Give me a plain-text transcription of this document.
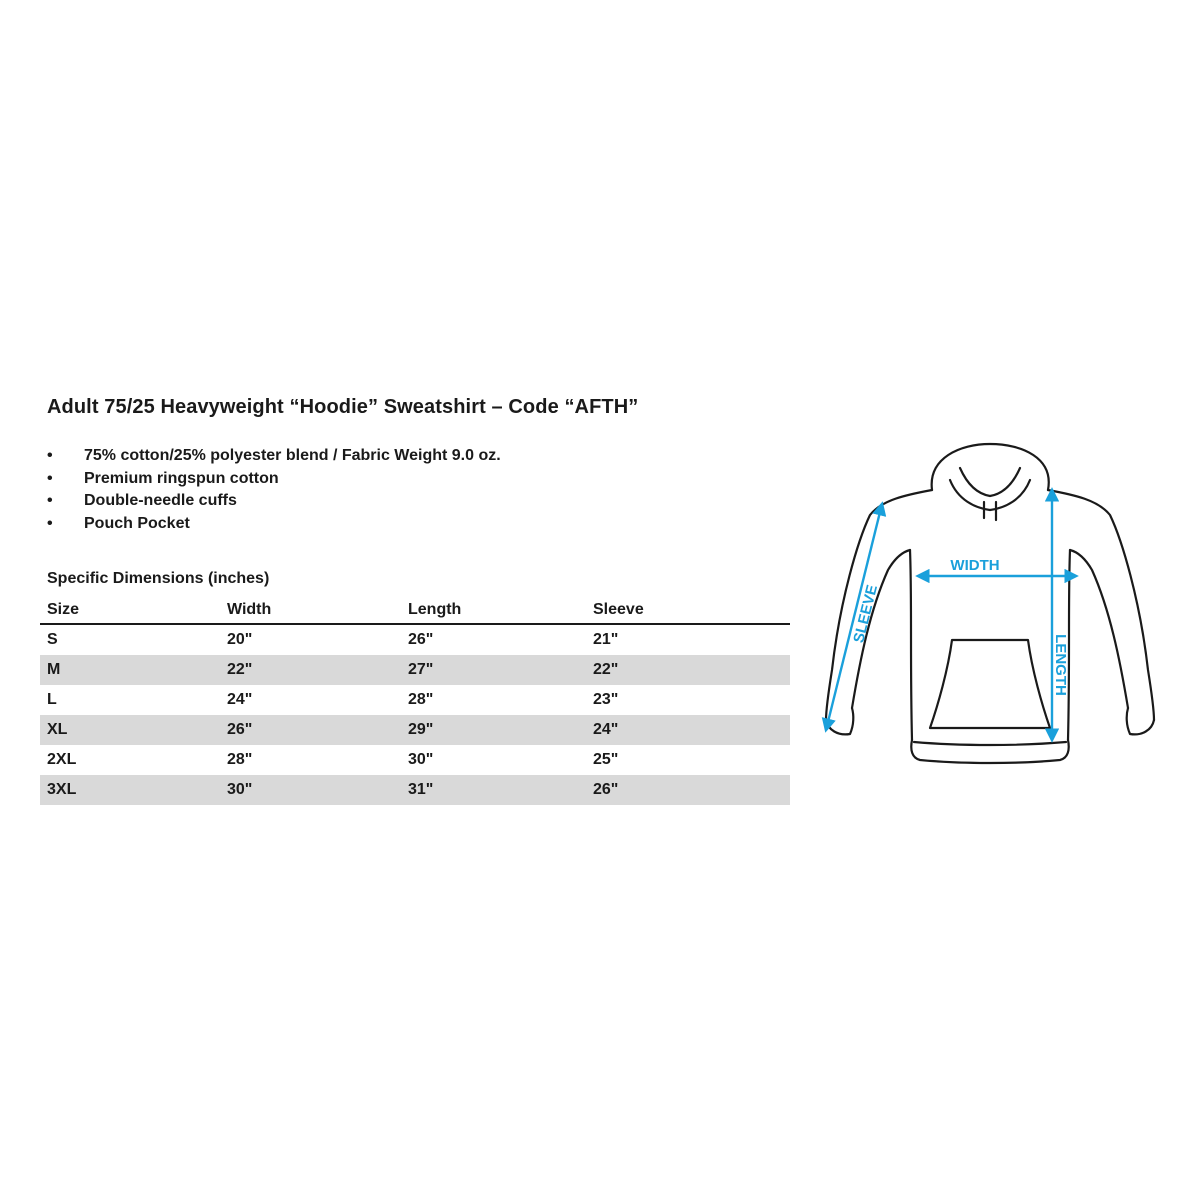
Adult 75/25 Heavyweight “Hoodie” Sweatshirt – Code “AFTH”
• 75% cotton/25% polyester blend / Fabric Weight 9.0 oz.
• Premium ringspun cotton
• Double-needle cuffs
• Pouch Pocket
Specific Dimensions (inches)
Size	Width	Length	Sleeve
S	20"	26"	21"
M	22"	27"	22"
L	24"	28"	23"
XL	26"	29"	24"
2XL	28"	30"	25"
3XL	30"	31"	26"
WIDTH
LENGTH
SLEEVE
